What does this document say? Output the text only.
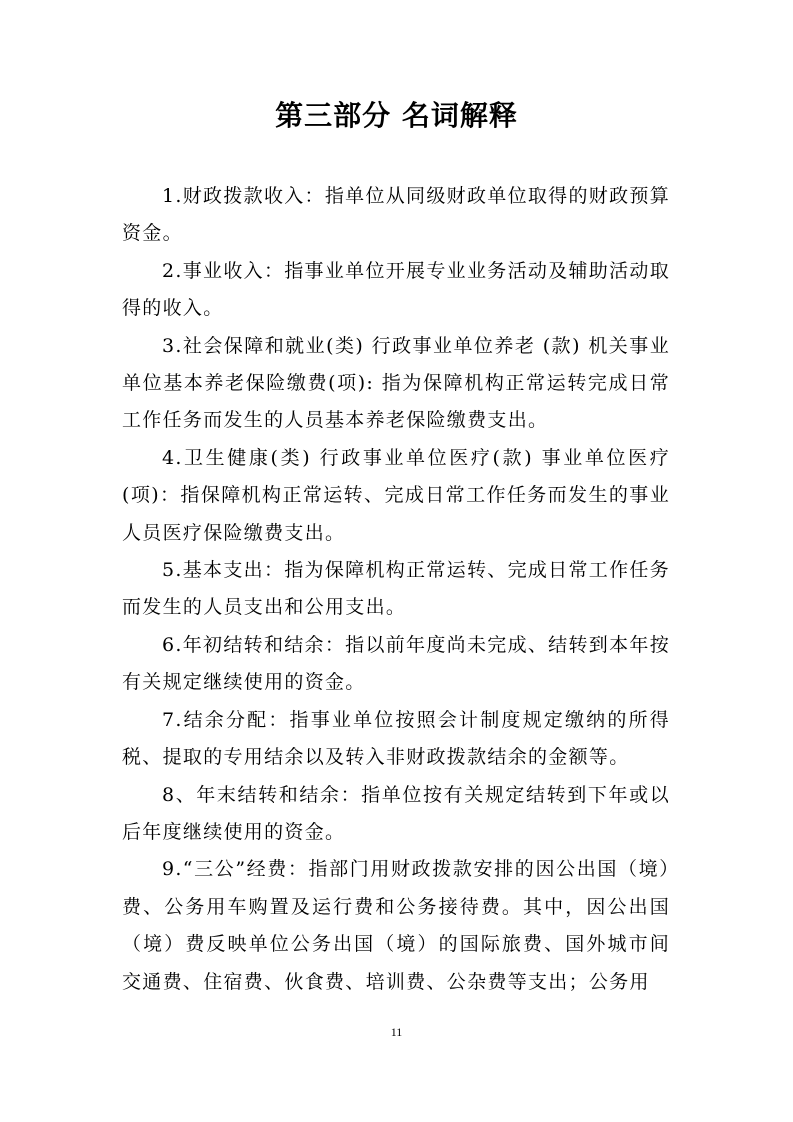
第三部分 名词解释

1.财政拨款收入：指单位从同级财政单位取得的财政预算资金。

2.事业收入：指事业单位开展专业业务活动及辅助活动取得的收入。

3.社会保障和就业(类) 行政事业单位养老 (款) 机关事业单位基本养老保险缴费(项): 指为保障机构正常运转完成日常工作任务而发生的人员基本养老保险缴费支出。

4.卫生健康(类) 行政事业单位医疗(款) 事业单位医疗(项)：指保障机构正常运转、完成日常工作任务而发生的事业人员医疗保险缴费支出。

5.基本支出：指为保障机构正常运转、完成日常工作任务而发生的人员支出和公用支出。

6.年初结转和结余：指以前年度尚未完成、结转到本年按有关规定继续使用的资金。

7.结余分配：指事业单位按照会计制度规定缴纳的所得税、提取的专用结余以及转入非财政拨款结余的金额等。

8、年末结转和结余：指单位按有关规定结转到下年或以后年度继续使用的资金。

9.“三公”经费：指部门用财政拨款安排的因公出国（境）费、公务用车购置及运行费和公务接待费。其中，因公出国（境）费反映单位公务出国（境）的国际旅费、国外城市间交通费、住宿费、伙食费、培训费、公杂费等支出；公务用

11
